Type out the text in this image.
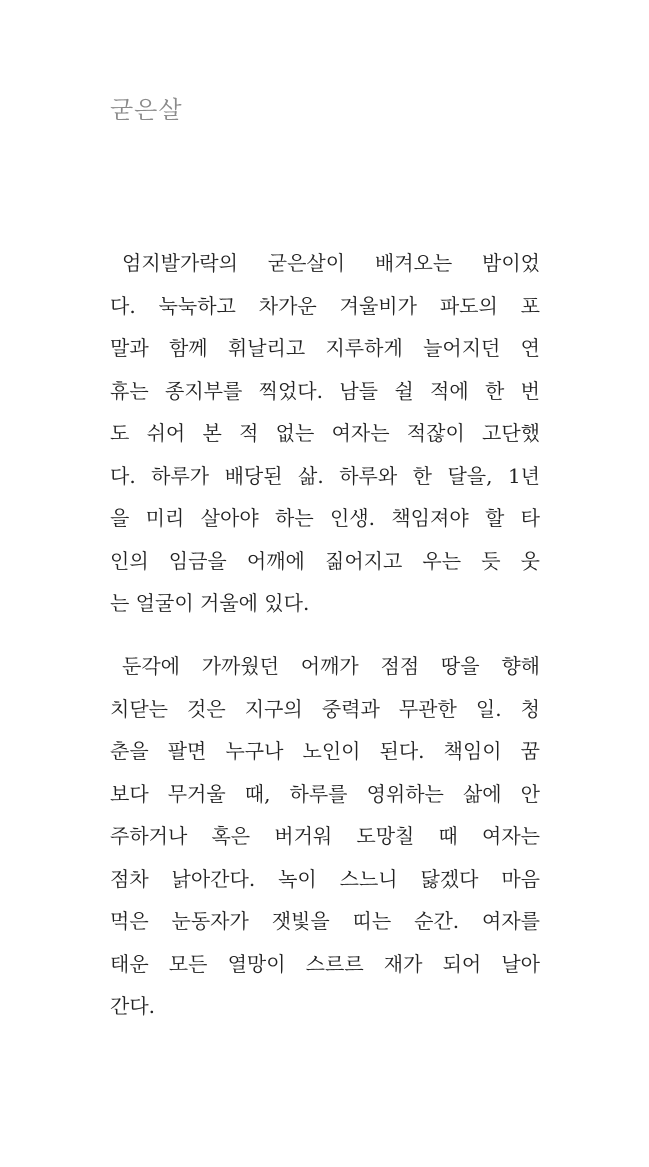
굳은살
엄지발가락의 굳은살이 배겨오는 밤이었
다. 눅눅하고 차가운 겨울비가 파도의 포
말과 함께 휘날리고 지루하게 늘어지던 연
휴는 종지부를 찍었다. 남들 쉴 적에 한 번
도 쉬어 본 적 없는 여자는 적잖이 고단했
다. 하루가 배당된 삶. 하루와 한 달을, 1년
을 미리 살아야 하는 인생. 책임져야 할 타
인의 임금을 어깨에 짊어지고 우는 듯 웃
는 얼굴이 거울에 있다.
둔각에 가까웠던 어깨가 점점 땅을 향해
치닫는 것은 지구의 중력과 무관한 일. 청
춘을 팔면 누구나 노인이 된다. 책임이 꿈
보다 무거울 때, 하루를 영위하는 삶에 안
주하거나 혹은 버거워 도망칠 때 여자는
점차 낡아간다. 녹이 스느니 닳겠다 마음
먹은 눈동자가 잿빛을 띠는 순간. 여자를
태운 모든 열망이 스르르 재가 되어 날아
간다.
